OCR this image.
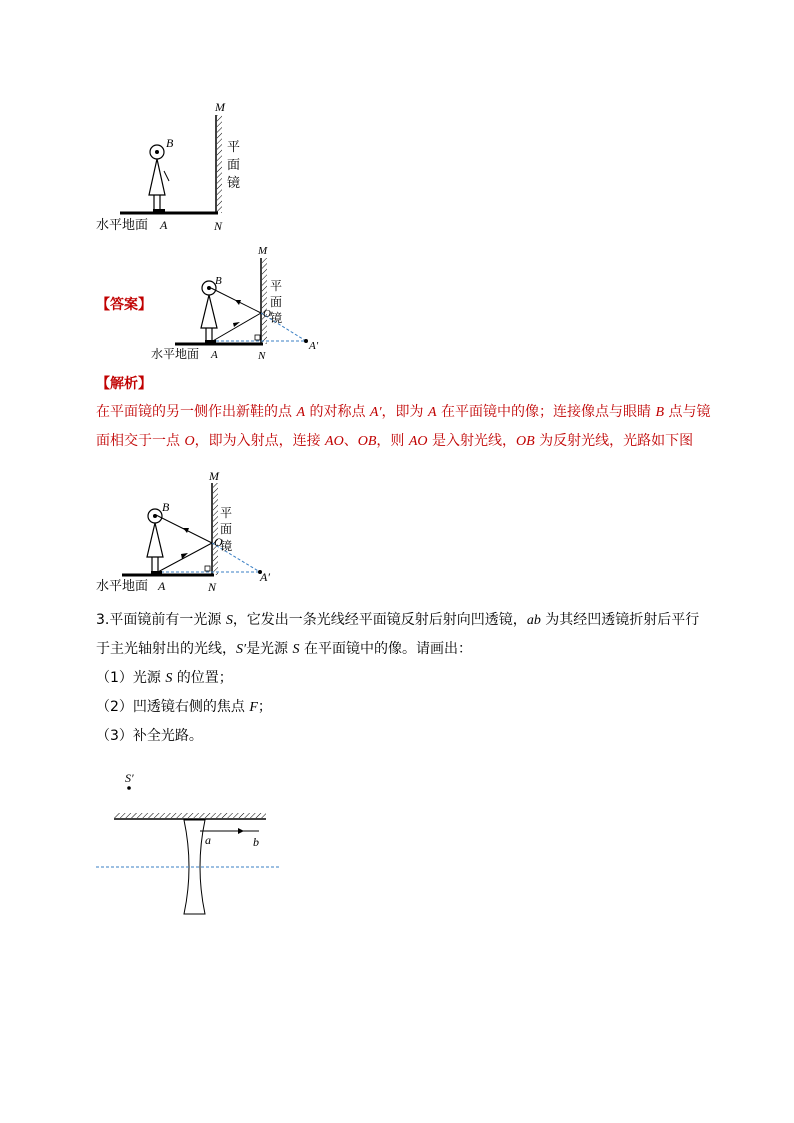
M
B	平
面
镜
水平地面 A	N
【答案】
M
B	平
面
镜
O
A′
水平地面 A	N
【解析】
在平面镜的另一侧作出新鞋的点 A 的对称点 A′，即为 A 在平面镜中的像；连接像点与眼睛 B 点与镜
面相交于一点 O，即为入射点，连接 AO、OB，则 AO 是入射光线，OB 为反射光线，光路如下图
M
B	平
面
镜
O
A′
水平地面 A	N
3.平面镜前有一光源 S，它发出一条光线经平面镜反射后射向凹透镜，ab 为其经凹透镜折射后平行
于主光轴射出的光线，S′是光源 S 在平面镜中的像。请画出：
（1）光源 S 的位置；
（2）凹透镜右侧的焦点 F；
（3）补全光路。
S′
a	b
